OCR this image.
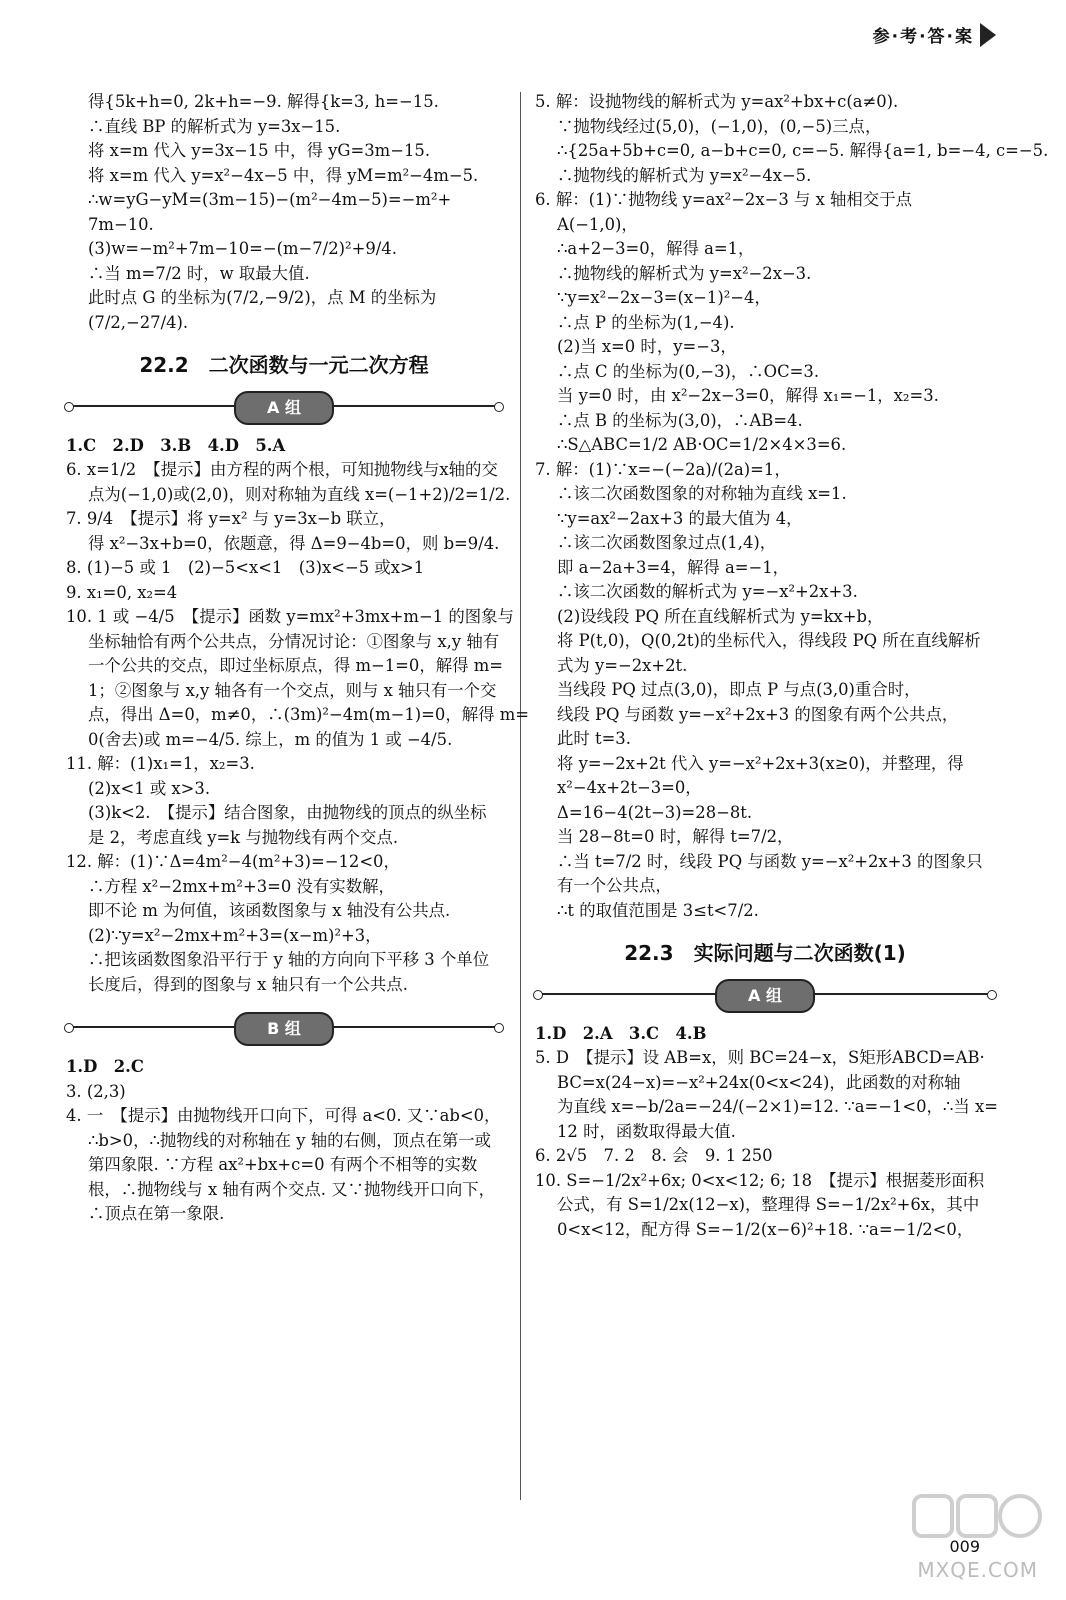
参·考·答·案
得{5k+h=0, 2k+h=−9. 解得{k=3, h=−15.
∴直线 BP 的解析式为 y=3x−15.
将 x=m 代入 y=3x−15 中，得 yG=3m−15.
将 x=m 代入 y=x²−4x−5 中，得 yM=m²−4m−5.
∴w=yG−yM=(3m−15)−(m²−4m−5)=−m²+
7m−10.
(3)w=−m²+7m−10=−(m−7/2)²+9/4.
∴当 m=7/2 时，w 取最大值.
此时点 G 的坐标为(7/2,−9/2)，点 M 的坐标为
(7/2,−27/4).
22.2　二次函数与一元二次方程
A 组
1.C　2.D　3.B　4.D　5.A
6. x=1/2　【提示】由方程的两个根，可知抛物线与x轴的交
点为(−1,0)或(2,0)，则对称轴为直线 x=(−1+2)/2=1/2.
7. 9/4　【提示】将 y=x² 与 y=3x−b 联立，
得 x²−3x+b=0，依题意，得 Δ=9−4b=0，则 b=9/4.
8. (1)−5 或 1　(2)−5<x<1　(3)x<−5 或x>1
9. x₁=0, x₂=4
10. 1 或 −4/5　【提示】函数 y=mx²+3mx+m−1 的图象与
坐标轴恰有两个公共点，分情况讨论：①图象与 x,y 轴有
一个公共的交点，即过坐标原点，得 m−1=0，解得 m=
1；②图象与 x,y 轴各有一个交点，则与 x 轴只有一个交
点，得出 Δ=0，m≠0，∴(3m)²−4m(m−1)=0，解得 m=
0(舍去)或 m=−4/5. 综上，m 的值为 1 或 −4/5.
11. 解：(1)x₁=1，x₂=3.
(2)x<1 或 x>3.
(3)k<2.　【提示】结合图象，由抛物线的顶点的纵坐标
是 2，考虑直线 y=k 与抛物线有两个交点.
12. 解：(1)∵Δ=4m²−4(m²+3)=−12<0，
∴方程 x²−2mx+m²+3=0 没有实数解，
即不论 m 为何值，该函数图象与 x 轴没有公共点.
(2)∵y=x²−2mx+m²+3=(x−m)²+3，
∴把该函数图象沿平行于 y 轴的方向向下平移 3 个单位
长度后，得到的图象与 x 轴只有一个公共点.
B 组
1.D　2.C
3. (2,3)
4. 一　【提示】由抛物线开口向下，可得 a<0. 又∵ab<0，
∴b>0，∴抛物线的对称轴在 y 轴的右侧，顶点在第一或
第四象限. ∵方程 ax²+bx+c=0 有两个不相等的实数
根，∴抛物线与 x 轴有两个交点. 又∵抛物线开口向下，
∴顶点在第一象限.
5. 解：设抛物线的解析式为 y=ax²+bx+c(a≠0).
∵抛物线经过(5,0)，(−1,0)，(0,−5)三点，
∴{25a+5b+c=0, a−b+c=0, c=−5. 解得{a=1, b=−4, c=−5.
∴抛物线的解析式为 y=x²−4x−5.
6. 解：(1)∵抛物线 y=ax²−2x−3 与 x 轴相交于点
A(−1,0)，
∴a+2−3=0，解得 a=1，
∴抛物线的解析式为 y=x²−2x−3.
∵y=x²−2x−3=(x−1)²−4，
∴点 P 的坐标为(1,−4).
(2)当 x=0 时，y=−3，
∴点 C 的坐标为(0,−3)，∴OC=3.
当 y=0 时，由 x²−2x−3=0，解得 x₁=−1，x₂=3.
∴点 B 的坐标为(3,0)，∴AB=4.
∴S△ABC=1/2 AB·OC=1/2×4×3=6.
7. 解：(1)∵x=−(−2a)/(2a)=1，
∴该二次函数图象的对称轴为直线 x=1.
∵y=ax²−2ax+3 的最大值为 4，
∴该二次函数图象过点(1,4)，
即 a−2a+3=4，解得 a=−1，
∴该二次函数的解析式为 y=−x²+2x+3.
(2)设线段 PQ 所在直线解析式为 y=kx+b，
将 P(t,0)，Q(0,2t)的坐标代入，得线段 PQ 所在直线解析
式为 y=−2x+2t.
当线段 PQ 过点(3,0)，即点 P 与点(3,0)重合时，
线段 PQ 与函数 y=−x²+2x+3 的图象有两个公共点，
此时 t=3.
将 y=−2x+2t 代入 y=−x²+2x+3(x≥0)，并整理，得
x²−4x+2t−3=0，
Δ=16−4(2t−3)=28−8t.
当 28−8t=0 时，解得 t=7/2，
∴当 t=7/2 时，线段 PQ 与函数 y=−x²+2x+3 的图象只
有一个公共点，
∴t 的取值范围是 3≤t<7/2.
22.3　实际问题与二次函数(1)
A 组
1.D　2.A　3.C　4.B
5. D　【提示】设 AB=x，则 BC=24−x，S矩形ABCD=AB·
BC=x(24−x)=−x²+24x(0<x<24)，此函数的对称轴
为直线 x=−b/2a=−24/(−2×1)=12. ∵a=−1<0，∴当 x=
12 时，函数取得最大值.
6. 2√5　7. 2　8. 会　9. 1 250
10. S=−1/2x²+6x; 0<x<12; 6; 18　【提示】根据菱形面积
公式，有 S=1/2x(12−x)，整理得 S=−1/2x²+6x，其中
0<x<12，配方得 S=−1/2(x−6)²+18. ∵a=−1/2<0，
009
MXQE.COM
